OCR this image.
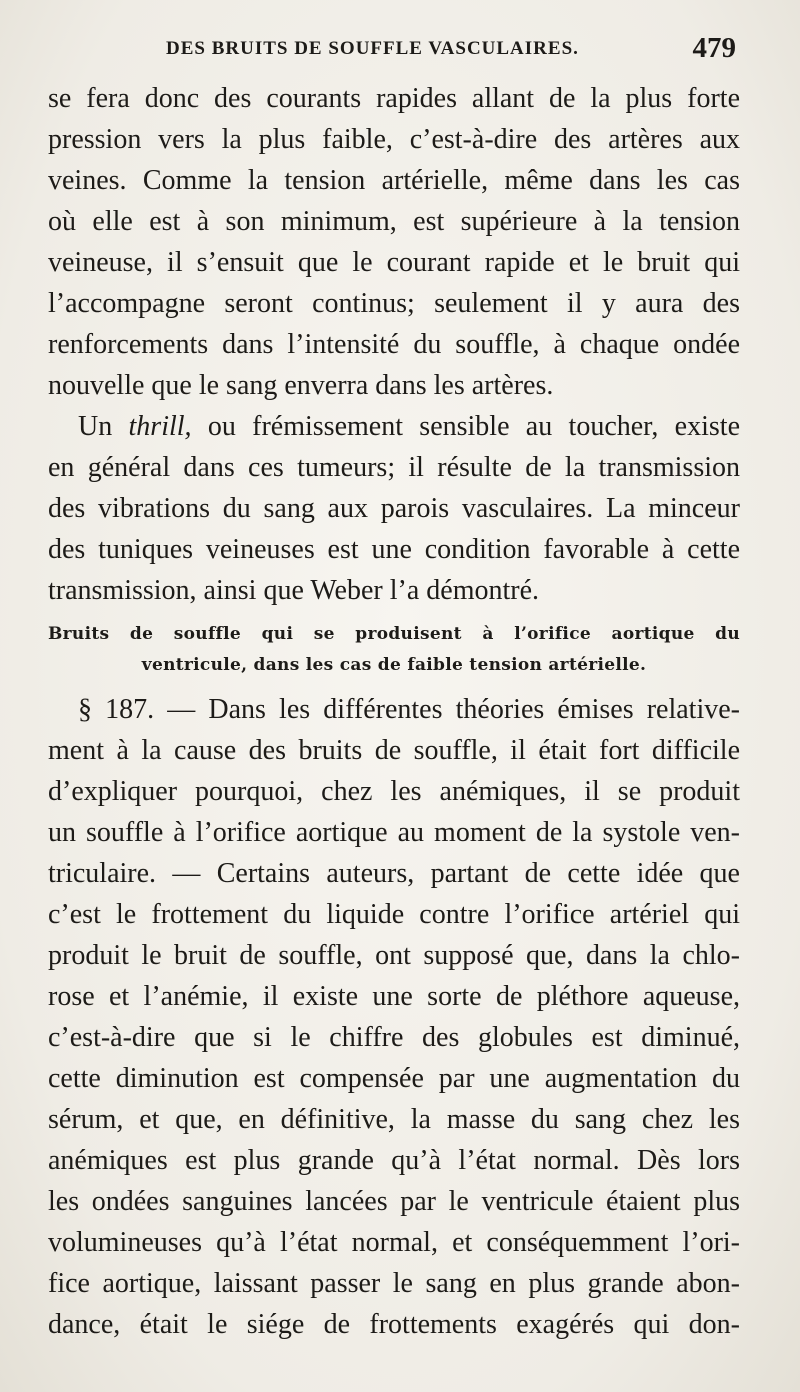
DES BRUITS DE SOUFFLE VASCULAIRES.	479
se fera donc des courants rapides allant de la plus forte
pression vers la plus faible, c’est-à-dire des artères aux
veines. Comme la tension artérielle, même dans les cas
où elle est à son minimum, est supérieure à la tension
veineuse, il s’ensuit que le courant rapide et le bruit qui
l’accompagne seront continus; seulement il y aura des
renforcements dans l’intensité du souffle, à chaque ondée
nouvelle que le sang enverra dans les artères.
Un thrill, ou frémissement sensible au toucher, existe
en général dans ces tumeurs; il résulte de la transmission
des vibrations du sang aux parois vasculaires. La minceur
des tuniques veineuses est une condition favorable à cette
transmission, ainsi que Weber l’a démontré.
Bruits de souffle qui se produisent à l’orifice aortique du
ventricule, dans les cas de faible tension artérielle.
§ 187. — Dans les différentes théories émises relative-
ment à la cause des bruits de souffle, il était fort difficile
d’expliquer pourquoi, chez les anémiques, il se produit
un souffle à l’orifice aortique au moment de la systole ven-
triculaire. — Certains auteurs, partant de cette idée que
c’est le frottement du liquide contre l’orifice artériel qui
produit le bruit de souffle, ont supposé que, dans la chlo-
rose et l’anémie, il existe une sorte de pléthore aqueuse,
c’est-à-dire que si le chiffre des globules est diminué,
cette diminution est compensée par une augmentation du
sérum, et que, en définitive, la masse du sang chez les
anémiques est plus grande qu’à l’état normal. Dès lors
les ondées sanguines lancées par le ventricule étaient plus
volumineuses qu’à l’état normal, et conséquemment l’ori-
fice aortique, laissant passer le sang en plus grande abon-
dance, était le siége de frottements exagérés qui don-
